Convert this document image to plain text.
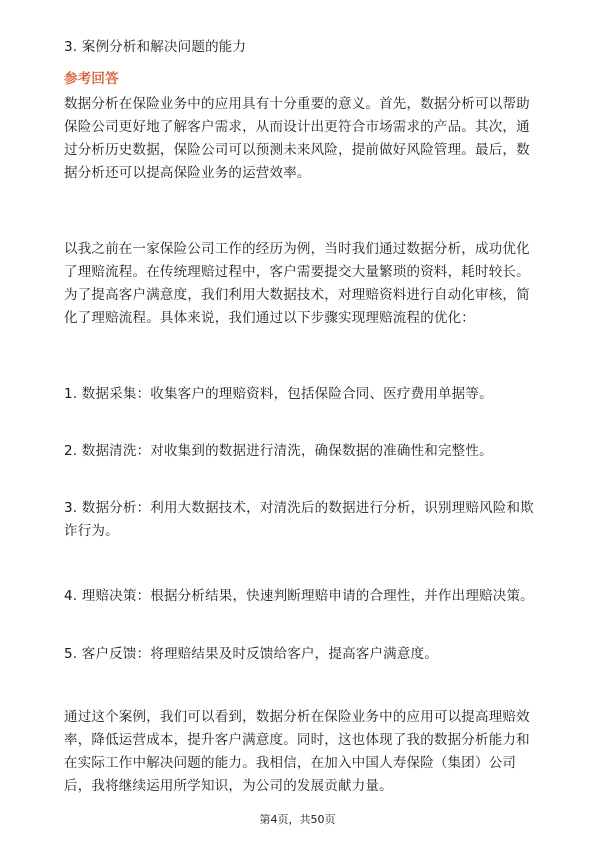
3. 案例分析和解决问题的能力

参考回答

数据分析在保险业务中的应用具有十分重要的意义。首先，数据分析可以帮助保险公司更好地了解客户需求，从而设计出更符合市场需求的产品。其次，通过分析历史数据，保险公司可以预测未来风险，提前做好风险管理。最后，数据分析还可以提高保险业务的运营效率。

以我之前在一家保险公司工作的经历为例，当时我们通过数据分析，成功优化了理赔流程。在传统理赔过程中，客户需要提交大量繁琐的资料，耗时较长。为了提高客户满意度，我们利用大数据技术，对理赔资料进行自动化审核，简化了理赔流程。具体来说，我们通过以下步骤实现理赔流程的优化：

1. 数据采集：收集客户的理赔资料，包括保险合同、医疗费用单据等。

2. 数据清洗：对收集到的数据进行清洗，确保数据的准确性和完整性。

3. 数据分析：利用大数据技术，对清洗后的数据进行分析，识别理赔风险和欺诈行为。

4. 理赔决策：根据分析结果，快速判断理赔申请的合理性，并作出理赔决策。

5. 客户反馈：将理赔结果及时反馈给客户，提高客户满意度。

通过这个案例，我们可以看到，数据分析在保险业务中的应用可以提高理赔效率，降低运营成本，提升客户满意度。同时，这也体现了我的数据分析能力和在实际工作中解决问题的能力。我相信，在加入中国人寿保险（集团）公司后，我将继续运用所学知识，为公司的发展贡献力量。

第4页，共50页
